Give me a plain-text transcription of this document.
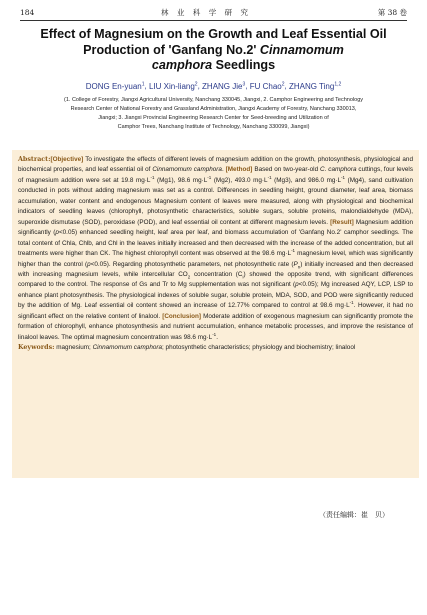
184	林 业 科 学 研 究	第 38 卷
Effect of Magnesium on the Growth and Leaf Essential Oil
Production of 'Ganfang No.2' Cinnamomum
camphora Seedlings
DONG En-yuan$^1$, LIU Xin-liang$^2$, ZHANG Jie$^3$, FU Chao$^2$, ZHANG Ting$^{1,2}$
(1. College of Forestry, Jiangxi Agricultural University, Nanchang 330045, Jiangxi, 2. Camphor Engineering and Technology
Research Center of National Forestry and Grassland Administration, Jiangxi Academy of Forestry, Nanchang 330013,
Jiangxi; 3. Jiangxi Provincial Engineering Research Center for Seed-breeding and Utilization of
Camphor Trees, Nanchang Institute of Technology, Nanchang 330099, Jiangxi)
Abstract:[Objective] To investigate the effects of different levels of magnesium addition on the growth, photosynthesis, physiological and biochemical properties, and leaf essential oil of Cinnamomum camphora. [Method] Based on two-year-old C. camphora cuttings, four levels of magnesium addition were set at 19.8 $mg\cdot L^{-1}$ (Mg1), 98.6 $mg\cdot L^{-1}$ (Mg2), 493.0 $mg\cdot L^{-1}$ (Mg3), and 986.0 $mg\cdot L^{-1}$ (Mg4), sand cultivation conducted in pots without adding magnesium was set as a control. Differences in seedling height, ground diameter, leaf area, biomass accumulation, water content and endogenous Magnesium content of leaves were measured, along with physiological and biochemical indicators of seedling leaves (chlorophyll, photosynthetic characteristics, soluble sugars, soluble proteins, malondialdehyde (MDA), superoxide dismutase (SOD), peroxidase (POD), and leaf essential oil content at different magnesium levels. [Result] Magnesium addition significantly (p<0.05) enhanced seedling height, leaf area per leaf, and biomass accumulation of 'Ganfang No.2' camphor seedlings. The total content of Chla, Chlb, and Chl in the leaves initially increased and then decreased with the increase of the added concentration, but all treatments were higher than CK. The highest chlorophyll content was observed at the 98.6 $mg\cdot L^{-1}$ magnesium level, which was significantly higher than the control (p<0.05). Regarding photosynthetic parameters, net photosynthetic rate $(P_n)$ initially increased and then decreased with increasing magnesium levels, while intercellular $CO_2$ concentration $(C_i)$ showed the opposite trend, with significant differences compared to the control. The response of Gs and Tr to Mg supplementation was not significant (p<0.05); Mg increased AQY, LCP, LSP to enhance plant photosynthesis. The physiological indexes of soluble sugar, soluble protein, MDA, SOD, and POD were significantly reduced by the addition of Mg. Leaf essential oil content showed an increase of 12.77% compared to control at 98.6 $mg\cdot L^{-1}$. However, it had no significant effect on the relative content of linalool. [Conclusion] Moderate addition of exogenous magnesium can significantly promote the formation of chlorophyll, enhance photosynthesis and nutrient accumulation, enhance metabolic processes, and improve the resistance of linalool leaves. The optimal magnesium concentration was 98.6 $mg\cdot L^{-1}$.
Keywords: magnesium; Cinnamomum camphora; photosynthetic characteristics; physiology and biochemistry; linalool
（责任编辑：崔　贝）
